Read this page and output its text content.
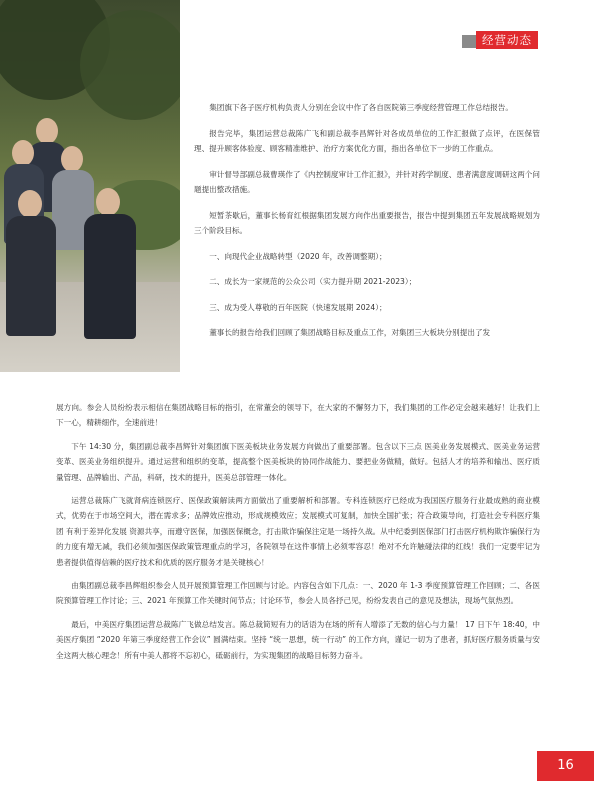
经营动态

集团旗下各子医疗机构负责人分别在会议中作了各自医院第三季度经营管理工作总结报告。

报告完毕，集团运营总裁陈广飞和副总裁李昌辉针对各成员单位的工作汇报做了点评，在医保管理、提升顾客体验度、顾客精准维护、治疗方案优化方面，指出各单位下一步的工作重点。

审计督导部副总裁曹瑛作了《内控制度审计工作汇报》，并针对药学制度、患者满意度调研这两个问题提出整改措施。

短暂茶歇后，董事长杨育红根据集团发展方向作出重要报告，报告中提到集团五年发展战略规划为三个阶段目标。

一、向现代企业战略转型（2020 年，改善调整期）；

二、成长为一家规范的公众公司（实力提升期 2021-2023）；

三、成为受人尊敬的百年医院（快速发展期 2024）；

董事长的报告给我们回顾了集团战略目标及重点工作，对集团三大板块分别提出了发

展方向。参会人员纷纷表示相信在集团战略目标的指引，在常董会的领导下，在大家的不懈努力下，我们集团的工作必定会越来越好！让我们上下一心，精耕细作，全速前进！

下午 14:30 分，集团副总裁李昌辉针对集团旗下医美板块业务发展方向做出了重要部署。包含以下三点 医美业务发展模式、医美业务运营变革、医美业务组织提升。通过运营和组织的变革，提高整个医美板块的协同作战能力、要把业务做精，做好。包括人才的培养和输出、医疗质量管理、品牌输出、产品，科研，技术的提升，医美总部管理一体化。

运营总裁陈广飞就肾病连锁医疗、医保政策解读两方面做出了重要解析和部署。专科连锁医疗已经成为我国医疗服务行业最成熟的商业模式，优势在于市场空间大，潜在需求多；品牌效应推动，形成规模效应；发展模式可复制，加快全国扩张；符合政策导向，打造社会专科医疗集团 有利于差异化发展 资源共享，而遵守医保，加强医保概念，打击欺诈骗保注定是一场持久战。从中纪委到医保部门打击医疗机构欺诈骗保行为的力度有增无减，我们必须加强医保政策管理重点的学习，各院领导在这件事情上必须零容忍！绝对不允许触碰法律的红线！我们一定要牢记为患者提供值得信赖的医疗技术和优质的医疗服务才是关键核心！

由集团副总裁李昌辉组织参会人员开展预算管理工作回顾与讨论。内容包含如下几点：一、2020 年 1-3 季度预算管理工作回顾；二、各医院预算管理工作讨论；三、2021 年预算工作关键时间节点；讨论环节，参会人员各抒己见，纷纷发表自己的意见及想法，现场气氛热烈。

最后，中美医疗集团运营总裁陈广飞做总结发言。陈总裁简短有力的话语为在场的所有人增添了无数的信心与力量！ 17 日下午 18:40，中美医疗集团 “2020 年第三季度经营工作会议” 圆满结束。坚持 “统一思想，统一行动” 的工作方向，谨记一切为了患者，抓好医疗服务质量与安全这两大核心理念！所有中美人都将不忘初心，砥砺前行，为实现集团的战略目标努力奋斗。

16
